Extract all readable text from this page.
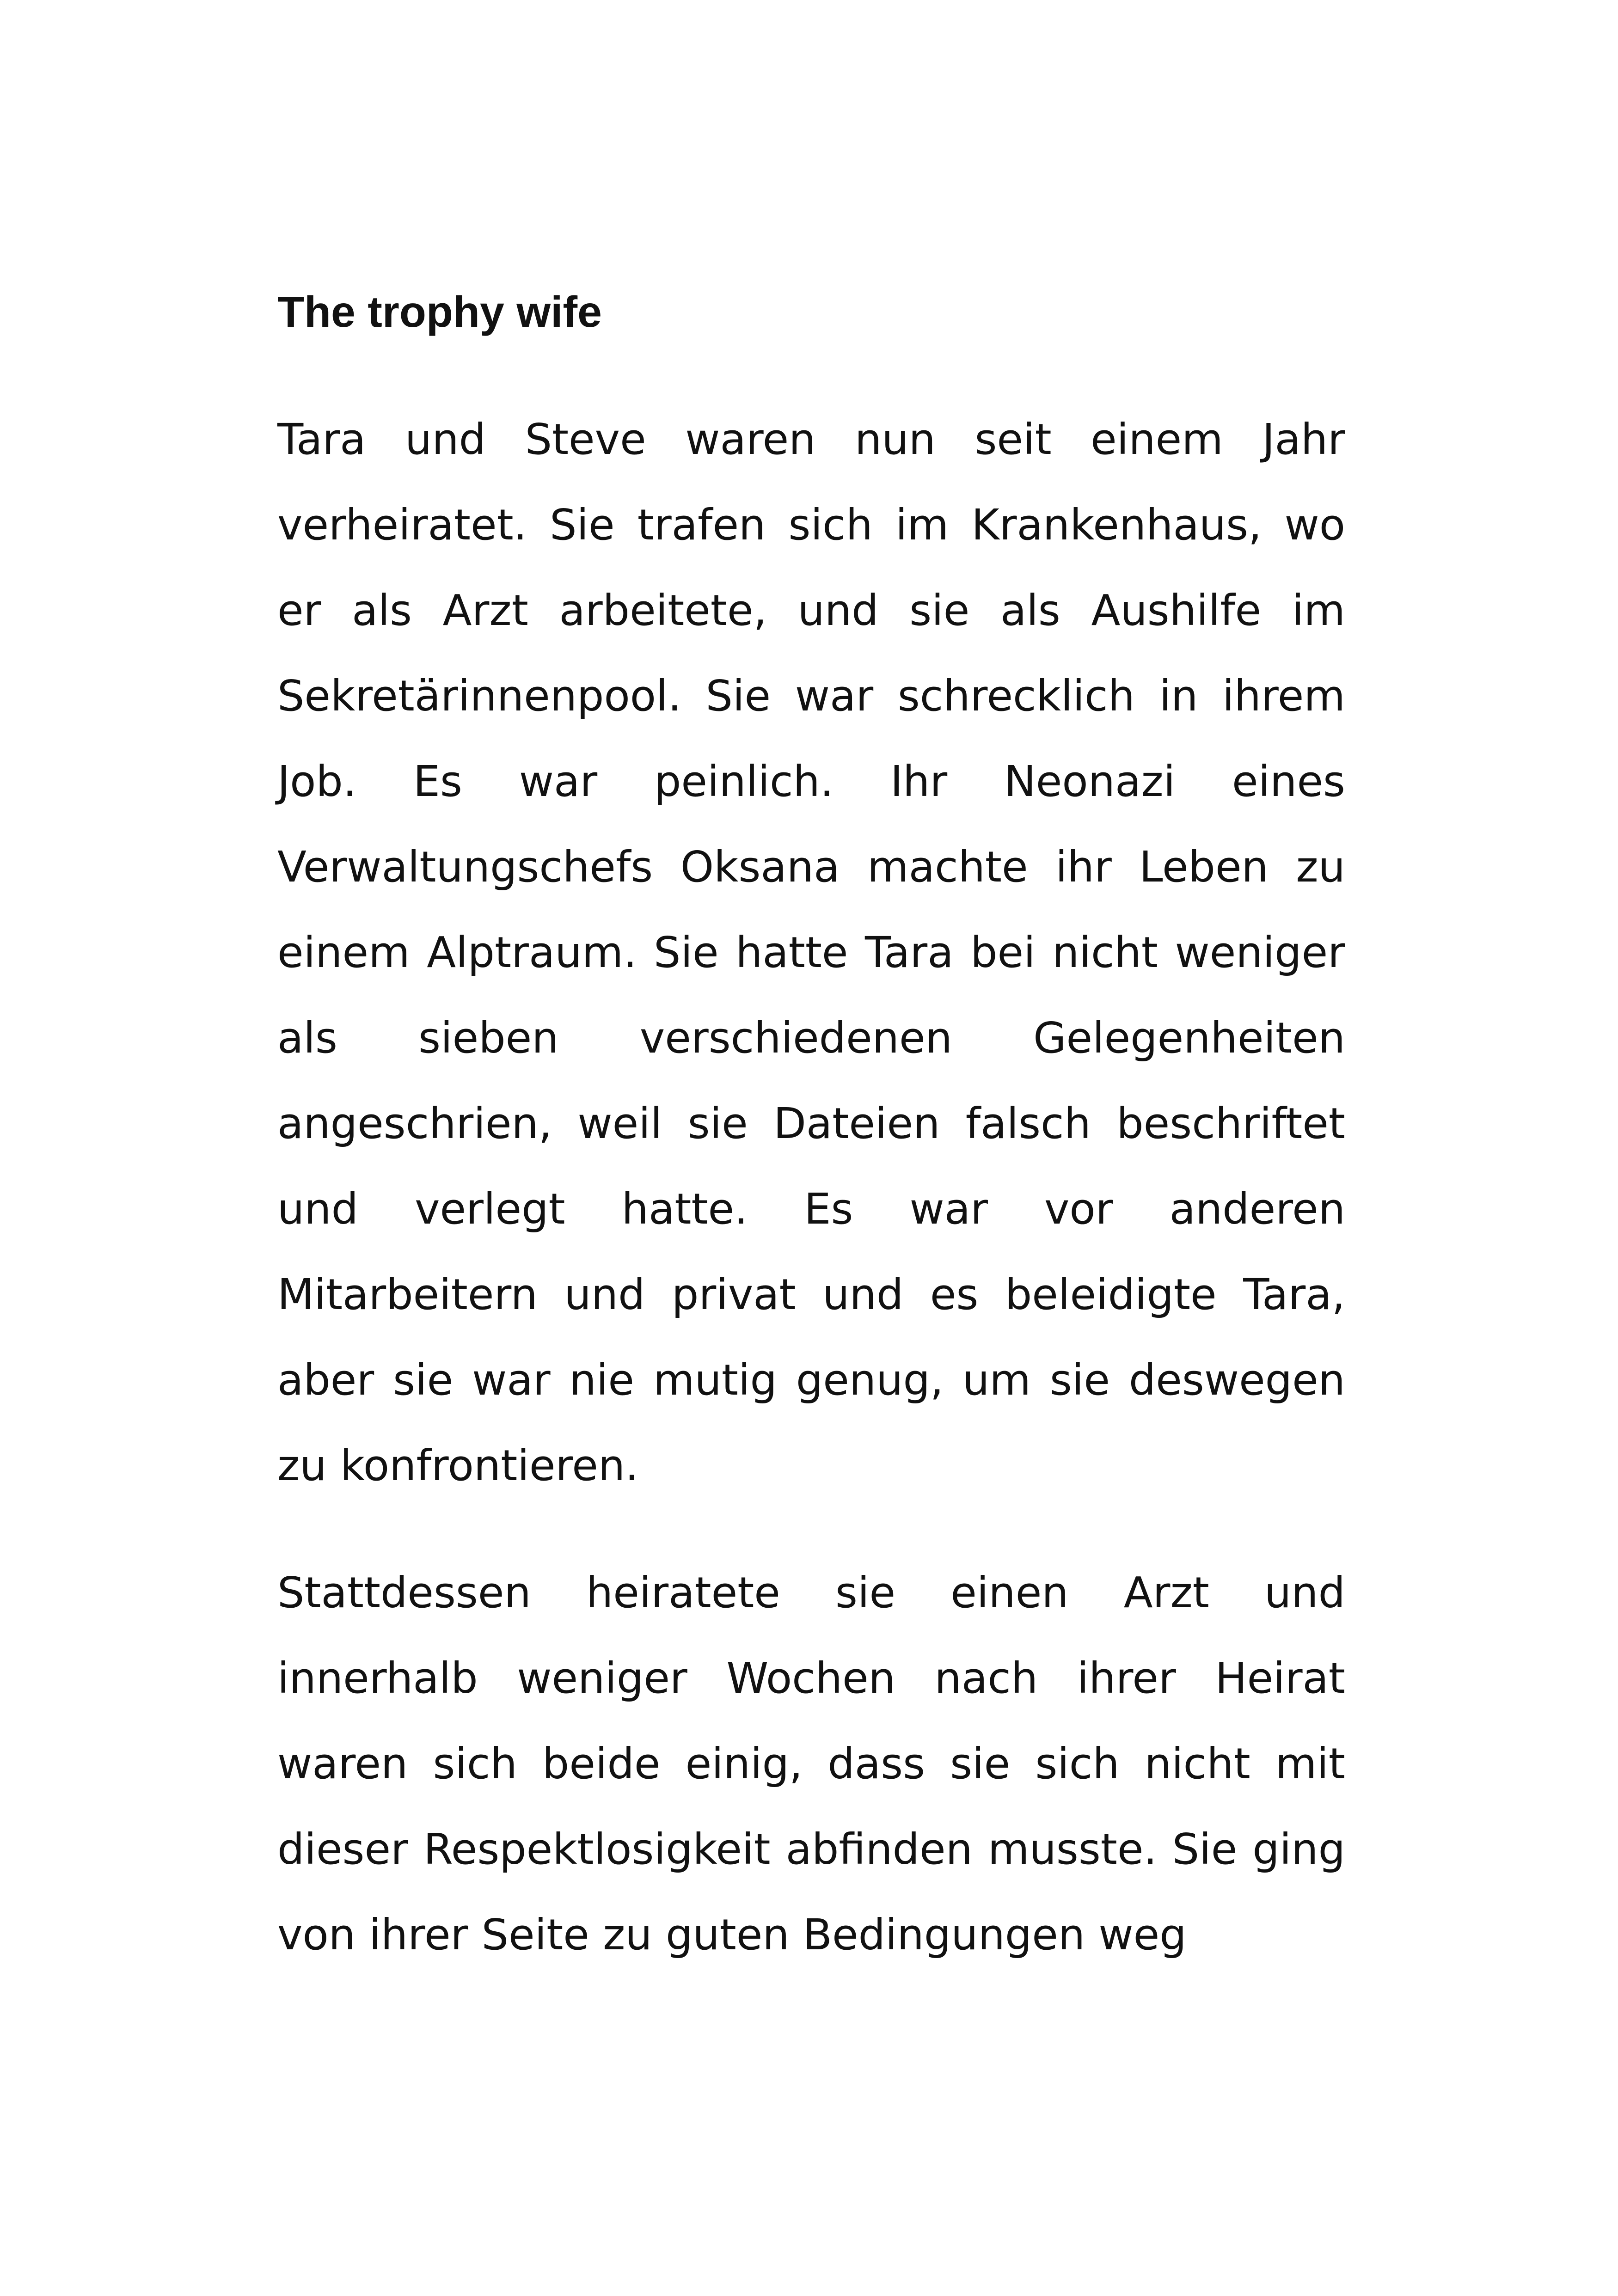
The trophy wife

Tara und Steve waren nun seit einem Jahr verheiratet. Sie trafen sich im Krankenhaus, wo er als Arzt arbeitete, und sie als Aushilfe im Sekretärinnenpool. Sie war schrecklich in ihrem Job. Es war peinlich. Ihr Neonazi eines Verwaltungschefs Oksana machte ihr Leben zu einem Alptraum. Sie hatte Tara bei nicht weniger als sieben verschiedenen Gelegenheiten angeschrien, weil sie Dateien falsch beschriftet und verlegt hatte. Es war vor anderen Mitarbeitern und privat und es beleidigte Tara, aber sie war nie mutig genug, um sie deswegen zu konfrontieren.

Stattdessen heiratete sie einen Arzt und innerhalb weniger Wochen nach ihrer Heirat waren sich beide einig, dass sie sich nicht mit dieser Respektlosigkeit abfinden musste. Sie ging von ihrer Seite zu guten Bedingungen weg
